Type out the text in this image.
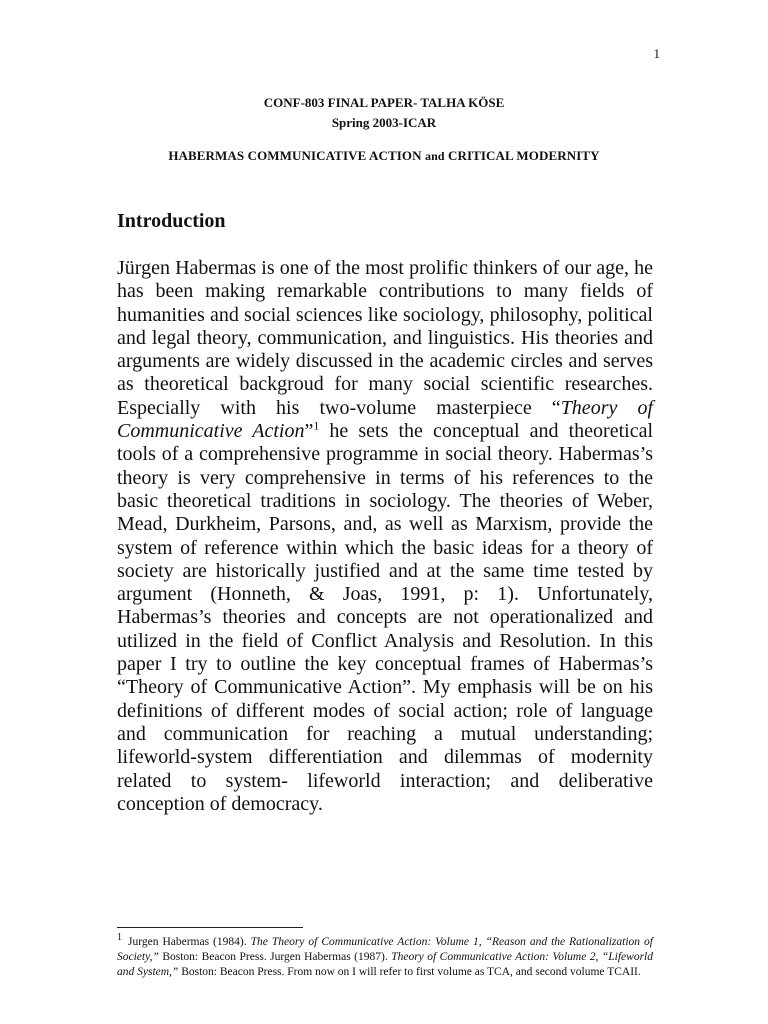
1
CONF-803 FINAL PAPER- TALHA KÖSE
Spring 2003-ICAR
HABERMAS COMMUNICATIVE ACTION and CRITICAL MODERNITY
Introduction

Jürgen Habermas is one of the most prolific thinkers of our age, he has been making remarkable contributions to many fields of humanities and social sciences like sociology, philosophy, political and legal theory, communication, and linguistics. His theories and arguments are widely discussed in the academic circles and serves as theoretical backgroud for many social scientific researches. Especially with his two-volume masterpiece “Theory of Communicative Action”$^1$ he sets the conceptual and theoretical tools of a comprehensive programme in social theory. Habermas’s theory is very comprehensive in terms of his references to the basic theoretical traditions in sociology. The theories of Weber, Mead, Durkheim, Parsons, and, as well as Marxism, provide the system of reference within which the basic ideas for a theory of society are historically justified and at the same time tested by argument (Honneth, & Joas, 1991, p: 1). Unfortunately, Habermas’s theories and concepts are not operationalized and utilized in the field of Conflict Analysis and Resolution. In this paper I try to outline the key conceptual frames of Habermas’s “Theory of Communicative Action”. My emphasis will be on his definitions of different modes of social action; role of language and communication for reaching a mutual understanding; lifeworld-system differentiation and dilemmas of modernity related to system- lifeworld interaction; and deliberative conception of democracy.

$^1$ Jurgen Habermas (1984). The Theory of Communicative Action: Volume 1, “Reason and the Rationalization of Society,” Boston: Beacon Press. Jurgen Habermas (1987). Theory of Communicative Action: Volume 2, “Lifeworld and System,” Boston: Beacon Press. From now on I will refer to first volume as TCA, and second volume TCAII.
